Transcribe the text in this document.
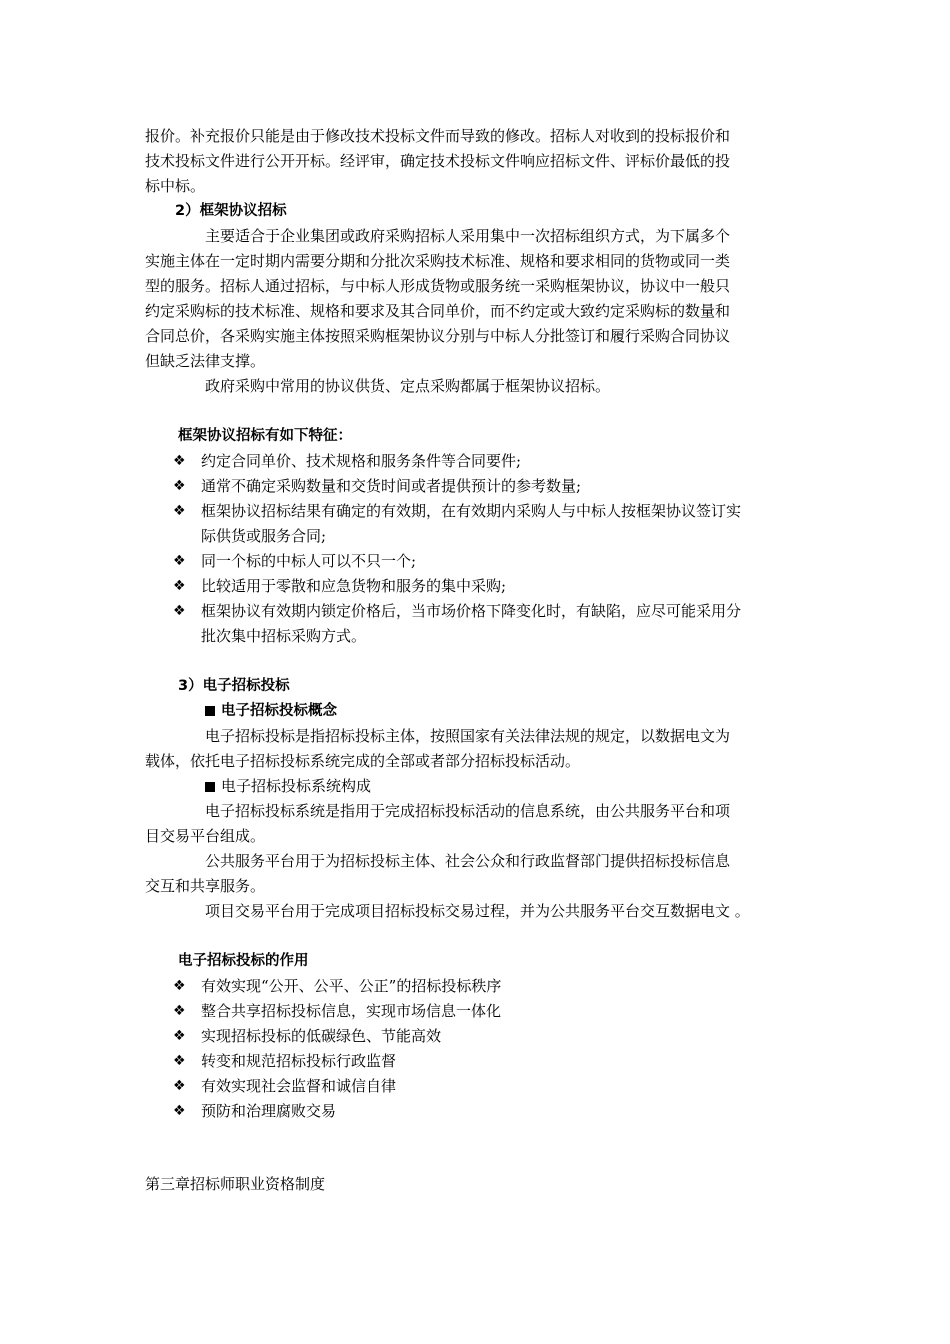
报价。补充报价只能是由于修改技术投标文件而导致的修改。招标人对收到的投标报价和
技术投标文件进行公开开标。经评审，确定技术投标文件响应招标文件、评标价最低的投
标中标。
2）框架协议招标
主要适合于企业集团或政府采购招标人采用集中一次招标组织方式，为下属多个
实施主体在一定时期内需要分期和分批次采购技术标准、规格和要求相同的货物或同一类
型的服务。招标人通过招标，与中标人形成货物或服务统一采购框架协议，协议中一般只
约定采购标的技术标准、规格和要求及其合同单价，而不约定或大致约定采购标的数量和
合同总价，各采购实施主体按照采购框架协议分别与中标人分批签订和履行采购合同协议
但缺乏法律支撑。
政府采购中常用的协议供货、定点采购都属于框架协议招标。
框架协议招标有如下特征：
❖ 约定合同单价、技术规格和服务条件等合同要件;
❖ 通常不确定采购数量和交货时间或者提供预计的参考数量;
❖ 框架协议招标结果有确定的有效期，在有效期内采购人与中标人按框架协议签订实
际供货或服务合同;
❖ 同一个标的中标人可以不只一个;
❖ 比较适用于零散和应急货物和服务的集中采购;
❖ 框架协议有效期内锁定价格后，当市场价格下降变化时，有缺陷，应尽可能采用分
批次集中招标采购方式。
3）电子招标投标
电子招标投标概念
电子招标投标是指招标投标主体，按照国家有关法律法规的规定，以数据电文为
载体，依托电子招标投标系统完成的全部或者部分招标投标活动。
电子招标投标系统构成
电子招标投标系统是指用于完成招标投标活动的信息系统，由公共服务平台和项
目交易平台组成。
公共服务平台用于为招标投标主体、社会公众和行政监督部门提供招标投标信息
交互和共享服务。
项目交易平台用于完成项目招标投标交易过程，并为公共服务平台交互数据电文 。
电子招标投标的作用
❖ 有效实现“公开、公平、公正”的招标投标秩序
❖ 整合共享招标投标信息，实现市场信息一体化
❖ 实现招标投标的低碳绿色、节能高效
❖ 转变和规范招标投标行政监督
❖ 有效实现社会监督和诚信自律
❖ 预防和治理腐败交易
第三章招标师职业资格制度
